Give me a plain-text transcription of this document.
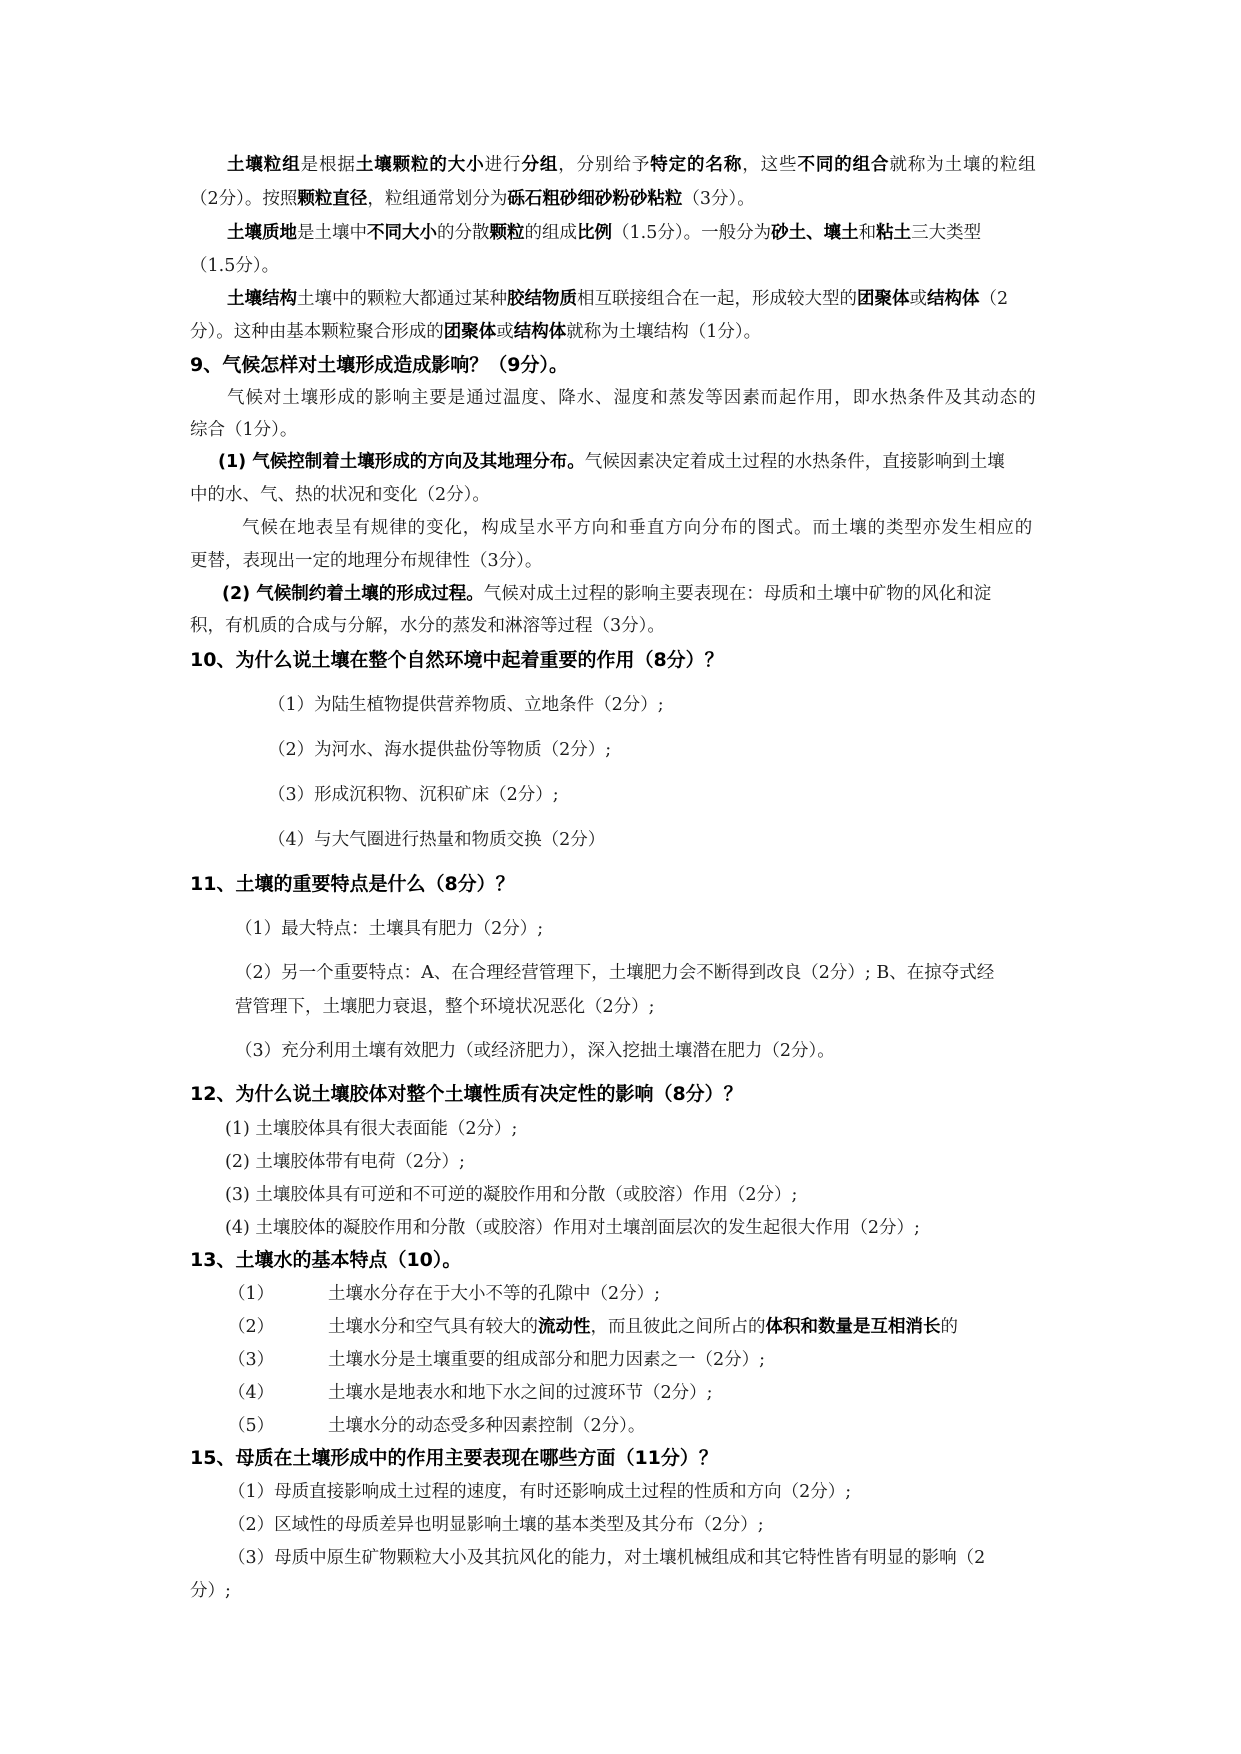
土壤粒组是根据土壤颗粒的大小进行分组，分别给予特定的名称，这些不同的组合就称为土壤的粒组
（2分）。按照颗粒直径，粒组通常划分为砾石粗砂细砂粉砂粘粒（3分）。
土壤质地是土壤中不同大小的分散颗粒的组成比例（1.5分）。一般分为砂土、壤土和粘土三大类型
（1.5分）。
土壤结构土壤中的颗粒大都通过某种胶结物质相互联接组合在一起，形成较大型的团聚体或结构体（2
分）。这种由基本颗粒聚合形成的团聚体或结构体就称为土壤结构（1分）。
9、气候怎样对土壤形成造成影响？（9分）。
气候对土壤形成的影响主要是通过温度、降水、湿度和蒸发等因素而起作用，即水热条件及其动态的
综合（1分）。
(1) 气候控制着土壤形成的方向及其地理分布。气候因素决定着成土过程的水热条件，直接影响到土壤
中的水、气、热的状况和变化（2分）。
气候在地表呈有规律的变化，构成呈水平方向和垂直方向分布的图式。而土壤的类型亦发生相应的
更替，表现出一定的地理分布规律性（3分）。
(2) 气候制约着土壤的形成过程。气候对成土过程的影响主要表现在：母质和土壤中矿物的风化和淀
积，有机质的合成与分解，水分的蒸发和淋溶等过程（3分）。
10、为什么说土壤在整个自然环境中起着重要的作用（8分）？
（1）为陆生植物提供营养物质、立地条件（2分）;
（2）为河水、海水提供盐份等物质（2分）;
（3）形成沉积物、沉积矿床（2分）;
（4）与大气圈进行热量和物质交换（2分）
11、土壤的重要特点是什么（8分）？
（1）最大特点：土壤具有肥力（2分）;
（2）另一个重要特点：A、在合理经营管理下，土壤肥力会不断得到改良（2分）; B、在掠夺式经
营管理下，土壤肥力衰退，整个环境状况恶化（2分）;
（3）充分利用土壤有效肥力（或经济肥力），深入挖拙土壤潜在肥力（2分）。
12、为什么说土壤胶体对整个土壤性质有决定性的影响（8分）？
(1) 土壤胶体具有很大表面能（2分）;
(2) 土壤胶体带有电荷（2分）;
(3) 土壤胶体具有可逆和不可逆的凝胶作用和分散（或胶溶）作用（2分）;
(4) 土壤胶体的凝胶作用和分散（或胶溶）作用对土壤剖面层次的发生起很大作用（2分）;
13、土壤水的基本特点（10）。
（1）	土壤水分存在于大小不等的孔隙中（2分）;
（2）	土壤水分和空气具有较大的流动性，而且彼此之间所占的体积和数量是互相消长的
（3）	土壤水分是土壤重要的组成部分和肥力因素之一（2分）;
（4）	土壤水是地表水和地下水之间的过渡环节（2分）;
（5）	土壤水分的动态受多种因素控制（2分）。
15、母质在土壤形成中的作用主要表现在哪些方面（11分）？
（1）母质直接影响成土过程的速度，有时还影响成土过程的性质和方向（2分）;
（2）区域性的母质差异也明显影响土壤的基本类型及其分布（2分）;
（3）母质中原生矿物颗粒大小及其抗风化的能力，对土壤机械组成和其它特性皆有明显的影响（2
分）;
